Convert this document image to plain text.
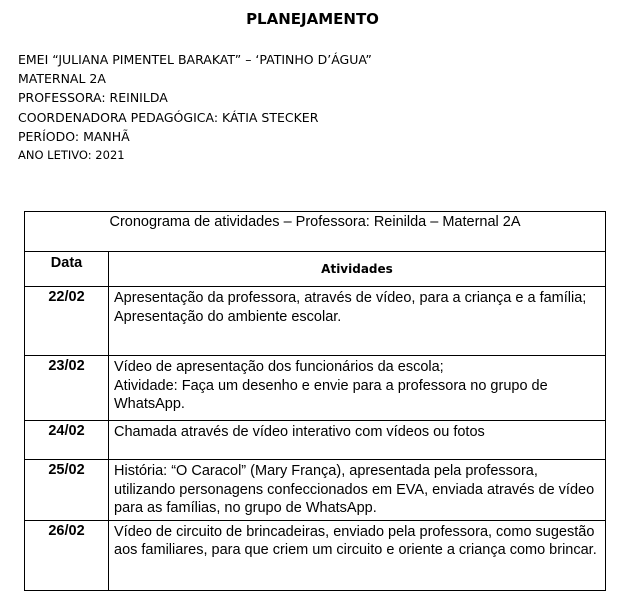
PLANEJAMENTO
EMEI “JULIANA PIMENTEL BARAKAT” – ‘PATINHO D’ÁGUA”
MATERNAL 2A
PROFESSORA: REINILDA
COORDENADORA PEDAGÓGICA: KÁTIA STECKER
PERÍODO: MANHÃ
ANO LETIVO: 2021
Cronograma de atividades – Professora: Reinilda – Maternal 2A	
Data	Atividades
22/02	Apresentação da professora, através de vídeo, para a criança e a família;
Apresentação do ambiente escolar.

23/02	Vídeo de apresentação dos funcionários da escola;
Atividade: Faça um desenho e envie para a professora no grupo de WhatsApp.

24/02	Chamada através de vídeo interativo com vídeos ou fotos

25/02	História: “O Caracol” (Mary França), apresentada pela professora, utilizando personagens confeccionados em EVA, enviada através de vídeo para as famílias, no grupo de WhatsApp.

26/02	Vídeo de circuito de brincadeiras, enviado pela professora, como sugestão aos familiares, para que criem um circuito e oriente a criança como brincar.
